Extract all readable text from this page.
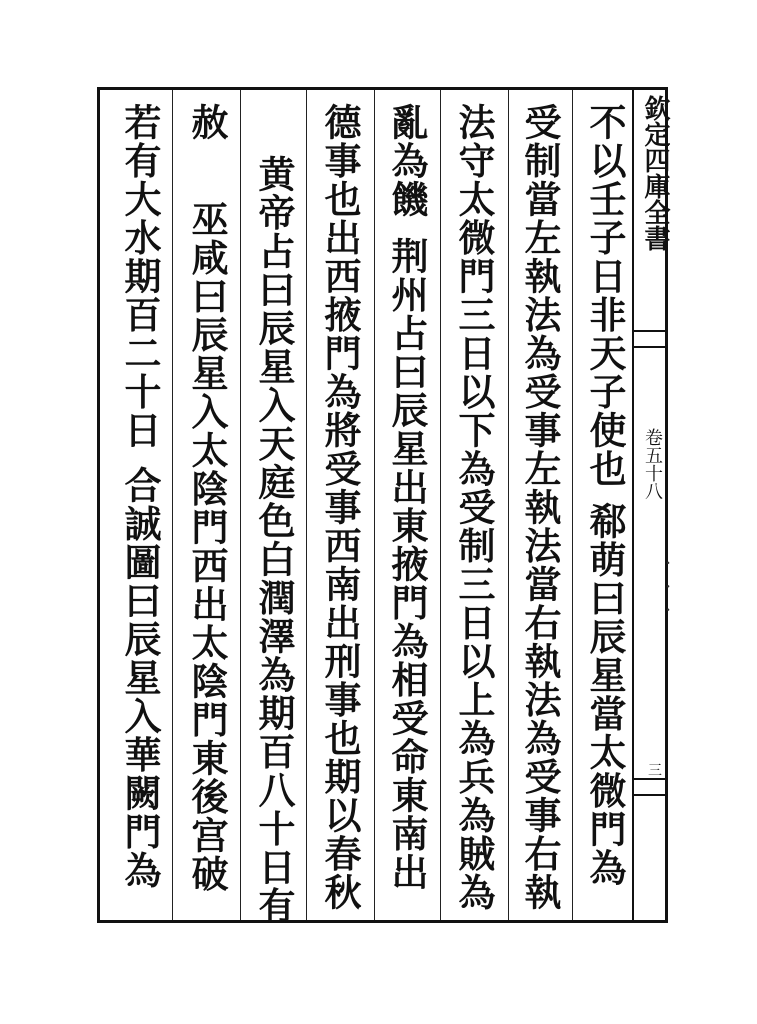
欽定四庫全書
卷五十八
· · ·
三
不以壬子日非天子使也
郗萌曰辰星當太微門為
受制當左執法為受事左執法當右執法為受事右執
法守太微門三日以下為受制三日以上為兵為賊為
亂為饑
荆州占曰辰星出東掖門為相受命東南出
德事也出西掖門為將受事西南出刑事也期以春秋
黄帝占曰辰星入天庭色白潤澤為期百八十日有
赦
巫咸曰辰星入太陰門西出太陰門東後宫破
若有大水期百二十日
合誠圖曰辰星入華闕門為
